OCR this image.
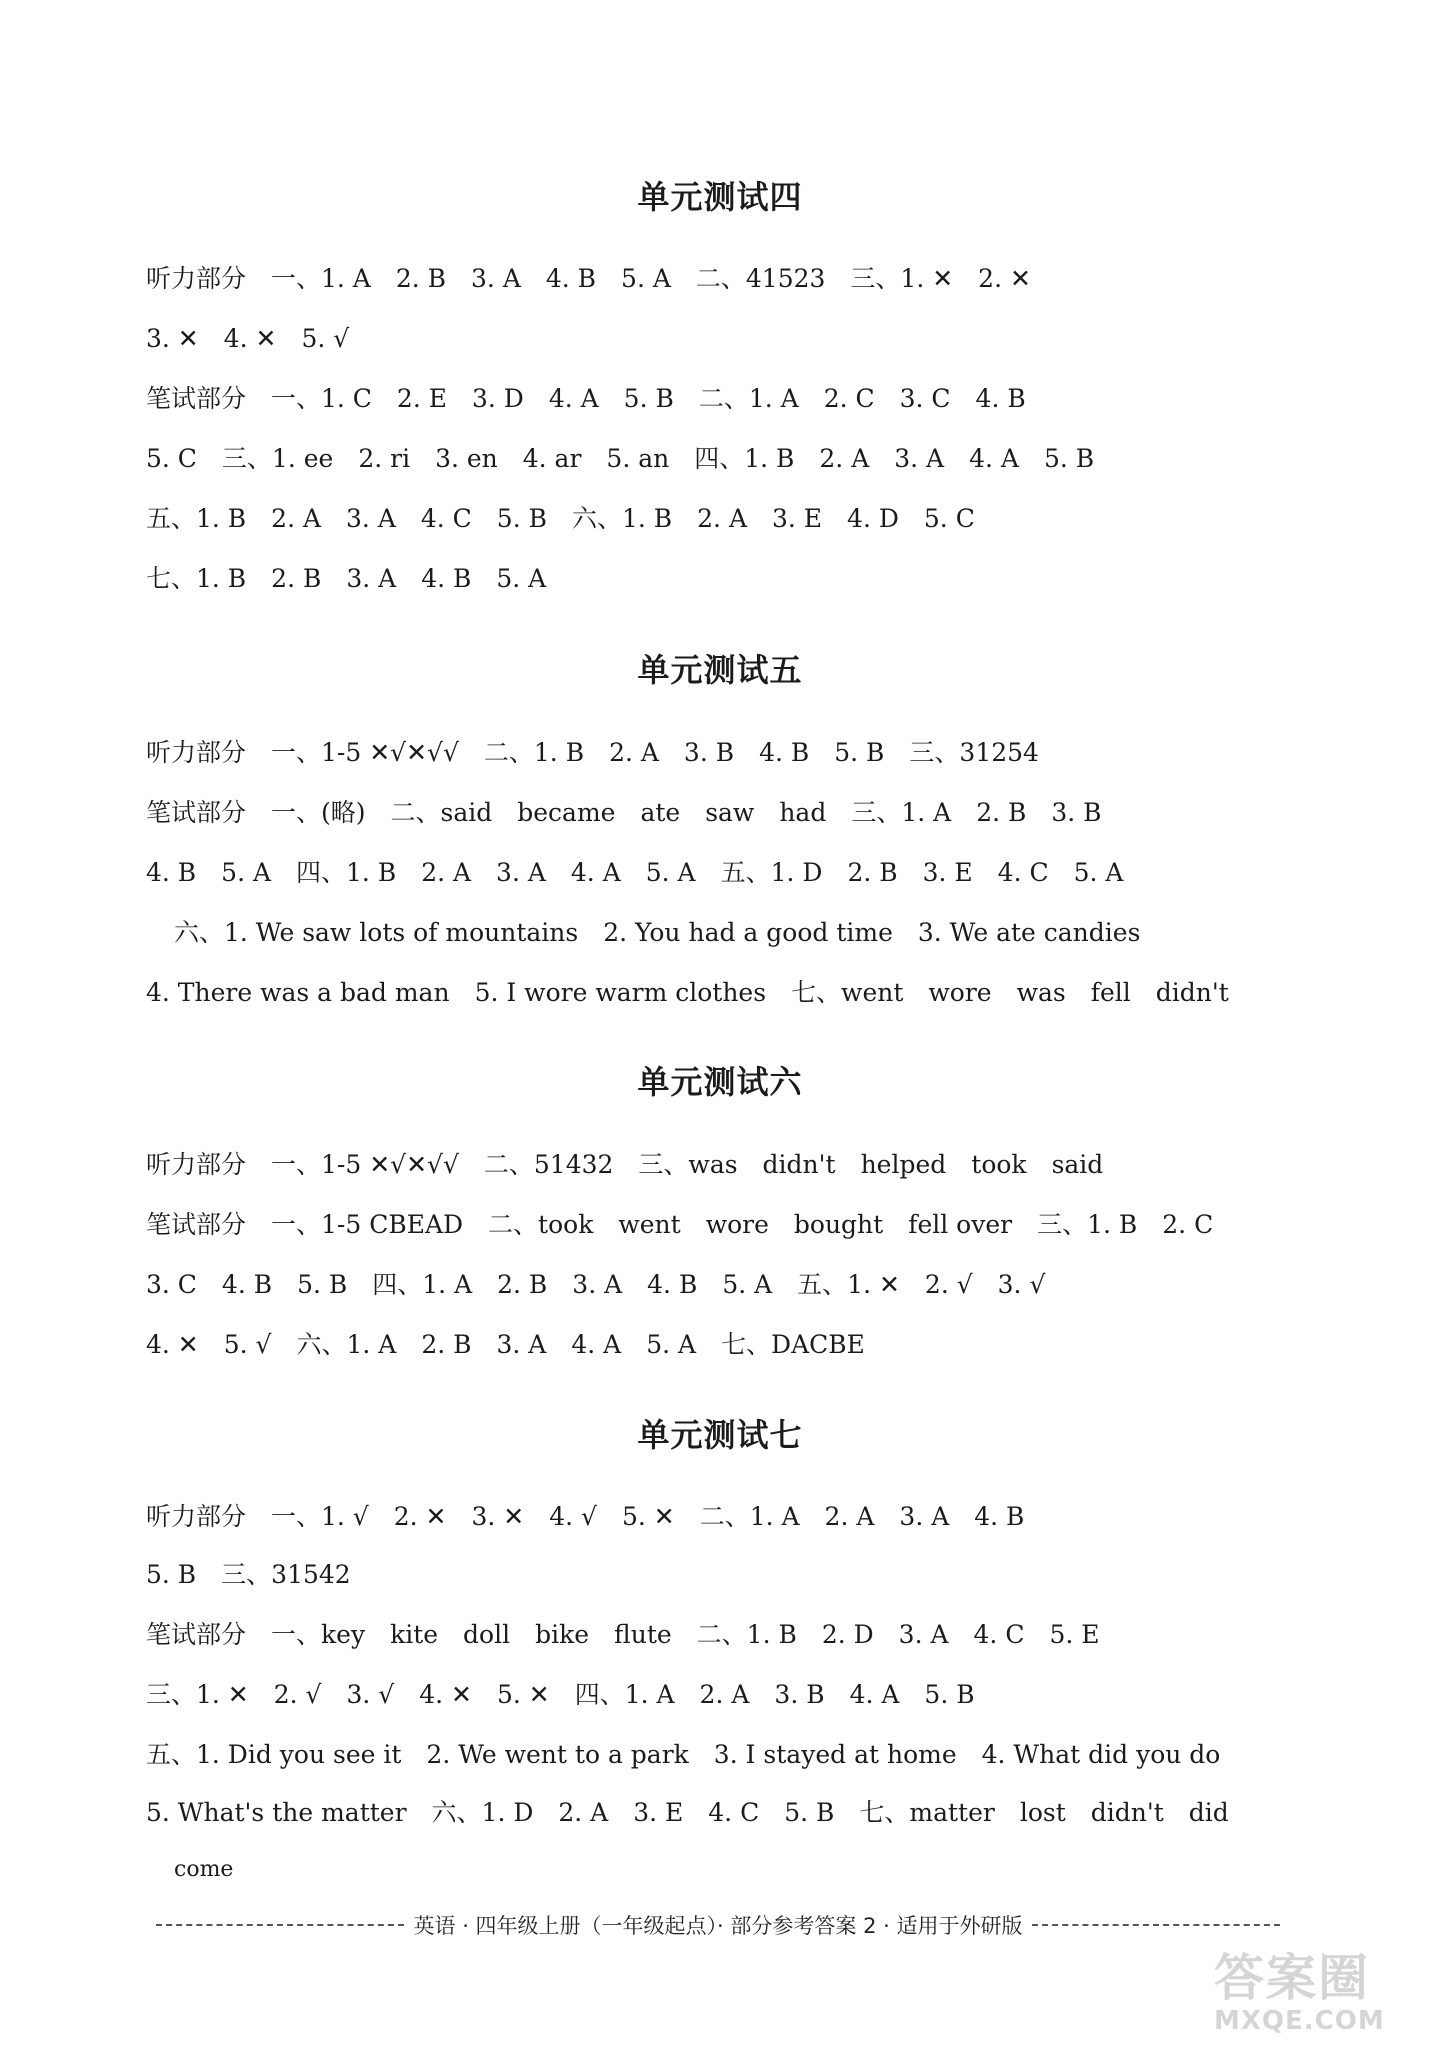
单元测试四
听力部分　一、1. A　2. B　3. A　4. B　5. A　二、41523　三、1. ✕　2. ✕
3. ✕　4. ✕　5. √
笔试部分　一、1. C　2. E　3. D　4. A　5. B　二、1. A　2. C　3. C　4. B
5. C　三、1. ee　2. ri　3. en　4. ar　5. an　四、1. B　2. A　3. A　4. A　5. B
五、1. B　2. A　3. A　4. C　5. B　六、1. B　2. A　3. E　4. D　5. C
七、1. B　2. B　3. A　4. B　5. A
单元测试五
听力部分　一、1-5 ✕√✕√√　二、1. B　2. A　3. B　4. B　5. B　三、31254
笔试部分　一、(略)　二、said　became　ate　saw　had　三、1. A　2. B　3. B
4. B　5. A　四、1. B　2. A　3. A　4. A　5. A　五、1. D　2. B　3. E　4. C　5. A
六、1. We saw lots of mountains　2. You had a good time　3. We ate candies
4. There was a bad man　5. I wore warm clothes　七、went　wore　was　fell　didn't
单元测试六
听力部分　一、1-5 ✕√✕√√　二、51432　三、was　didn't　helped　took　said
笔试部分　一、1-5 CBEAD　二、took　went　wore　bought　fell over　三、1. B　2. C
3. C　4. B　5. B　四、1. A　2. B　3. A　4. B　5. A　五、1. ✕　2. √　3. √
4. ✕　5. √　六、1. A　2. B　3. A　4. A　5. A　七、DACBE
单元测试七
听力部分　一、1. √　2. ✕　3. ✕　4. √　5. ✕　二、1. A　2. A　3. A　4. B
5. B　三、31542
笔试部分　一、key　kite　doll　bike　flute　二、1. B　2. D　3. A　4. C　5. E
三、1. ✕　2. √　3. √　4. ✕　5. ✕　四、1. A　2. A　3. B　4. A　5. B
五、1. Did you see it　2. We went to a park　3. I stayed at home　4. What did you do
5. What's the matter　六、1. D　2. A　3. E　4. C　5. B　七、matter　lost　didn't　did
come
英语 · 四年级上册（一年级起点）· 部分参考答案 2 · 适用于外研版
答案圈
MXQE.COM
